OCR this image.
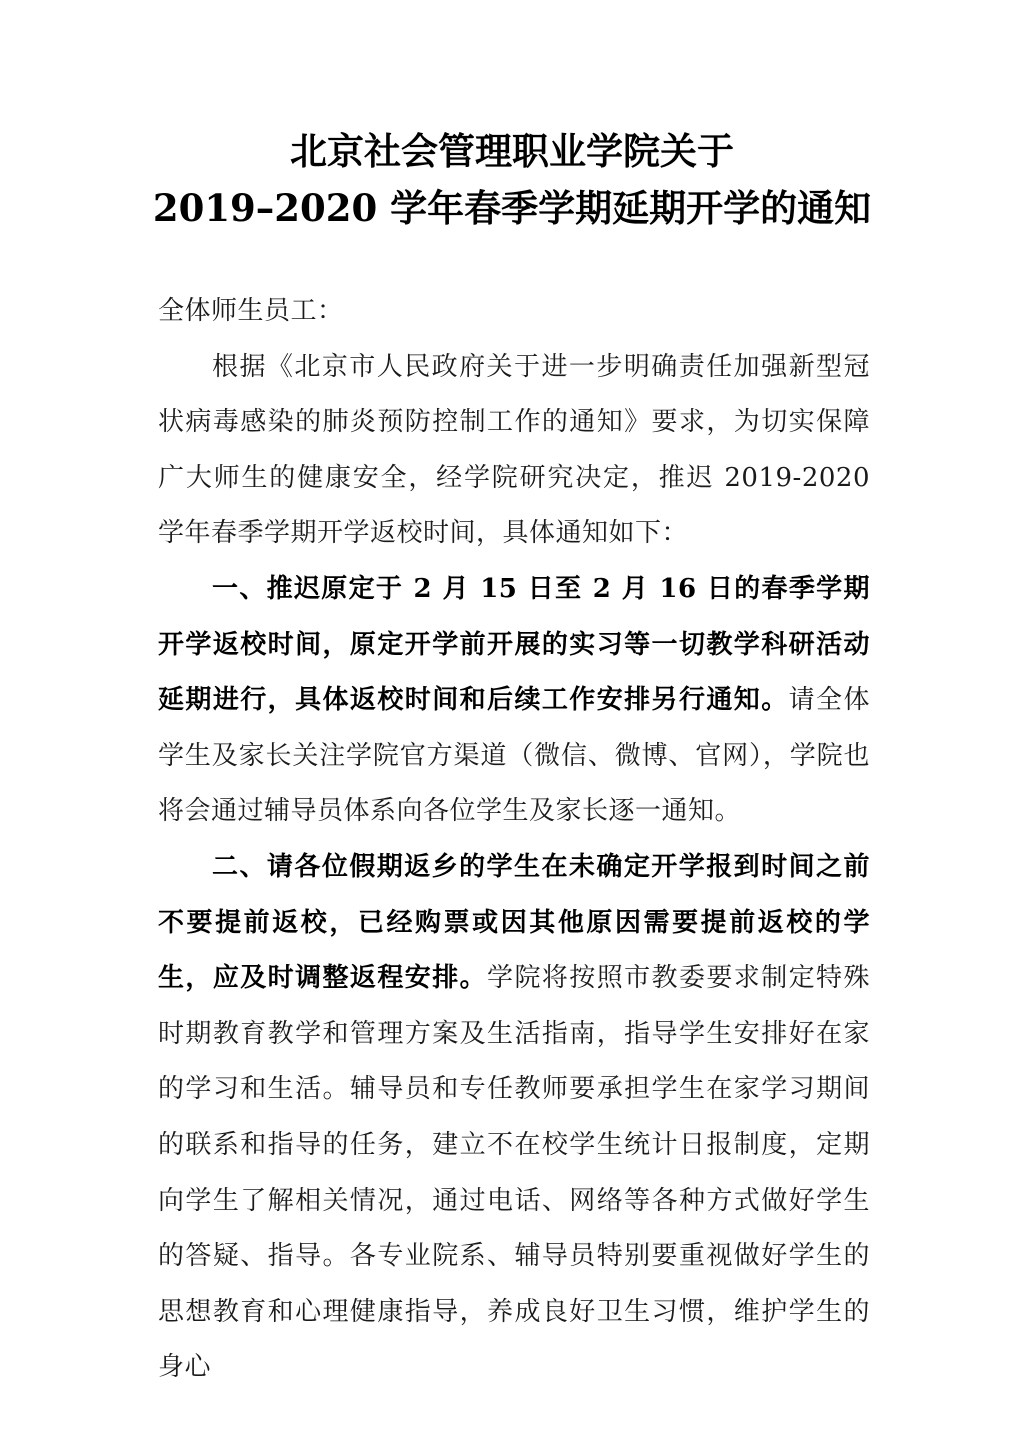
北京社会管理职业学院关于
2019–2020 学年春季学期延期开学的通知

全体师生员工：

根据《北京市人民政府关于进一步明确责任加强新型冠状病毒感染的肺炎预防控制工作的通知》要求，为切实保障广大师生的健康安全，经学院研究决定，推迟 2019-2020 学年春季学期开学返校时间，具体通知如下：

一、推迟原定于 2 月 15 日至 2 月 16 日的春季学期开学返校时间，原定开学前开展的实习等一切教学科研活动延期进行，具体返校时间和后续工作安排另行通知。请全体学生及家长关注学院官方渠道（微信、微博、官网），学院也将会通过辅导员体系向各位学生及家长逐一通知。

二、请各位假期返乡的学生在未确定开学报到时间之前不要提前返校，已经购票或因其他原因需要提前返校的学生，应及时调整返程安排。学院将按照市教委要求制定特殊时期教育教学和管理方案及生活指南，指导学生安排好在家的学习和生活。辅导员和专任教师要承担学生在家学习期间的联系和指导的任务，建立不在校学生统计日报制度，定期向学生了解相关情况，通过电话、网络等各种方式做好学生的答疑、指导。各专业院系、辅导员特别要重视做好学生的思想教育和心理健康指导，养成良好卫生习惯，维护学生的身心
